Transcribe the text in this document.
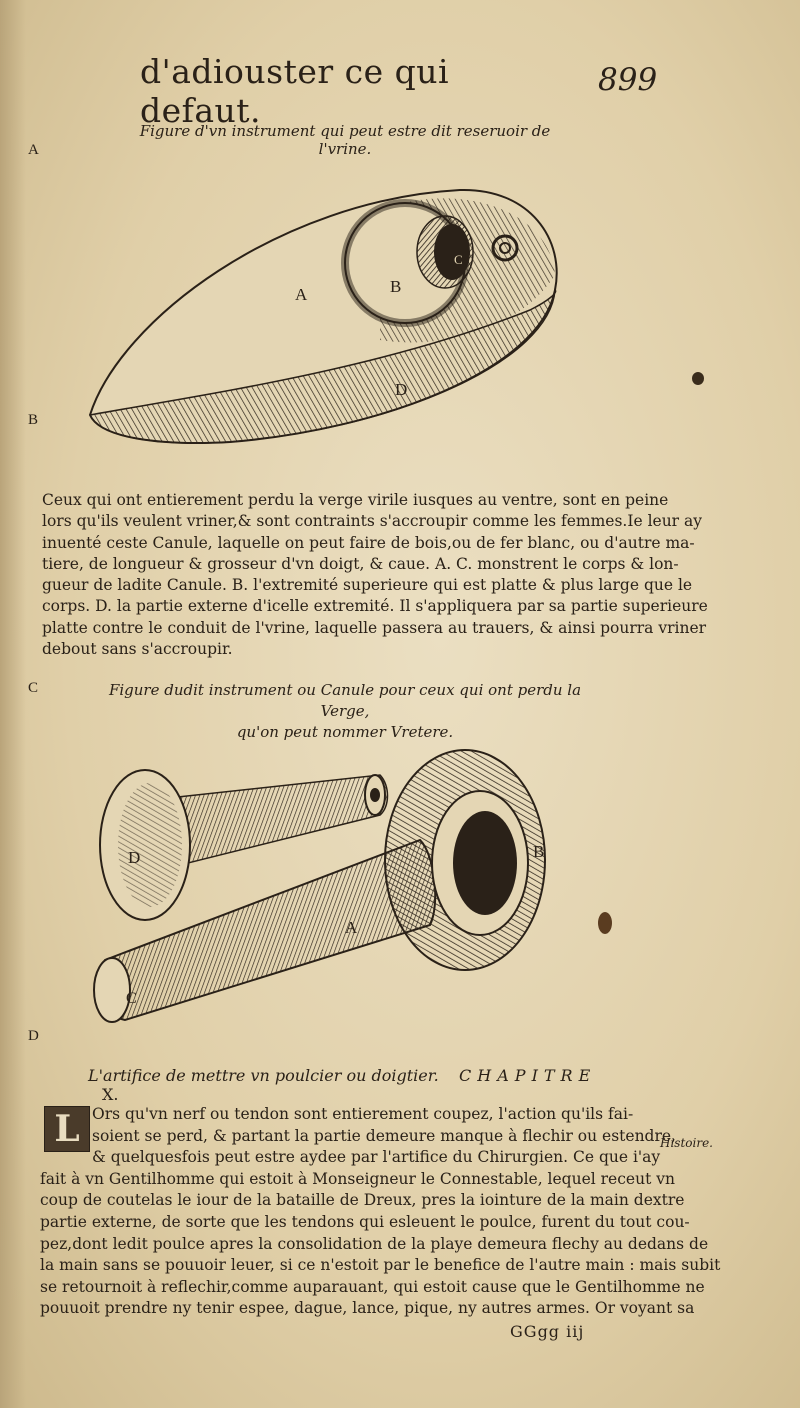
d'adiouster ce qui defaut.
899
A
B
C
D
Figure d'vn instrument qui peut estre dit reseruoir de l'vrine.
A	B
C
D
Ceux qui ont entierement perdu la verge virile iusques au ventre, sont en peine
lors qu'ils veulent vriner,& sont contraints s'accroupir comme les femmes.Ie leur ay
inuenté ceste Canule, laquelle on peut faire de bois,ou de fer blanc, ou d'autre ma-
tiere, de longueur & grosseur d'vn doigt, & caue. A. C. monstrent le corps & lon-
gueur de ladite Canule. B. l'extremité superieure qui est platte & plus large que le
corps. D. la partie externe d'icelle extremité. Il s'appliquera par sa partie superieure
platte contre le conduit de l'vrine, laquelle passera au trauers, & ainsi pourra vriner
debout sans s'accroupir.
Figure dudit instrument ou Canule pour ceux qui ont perdu la Verge,
qu'on peut nommer Vretere.
D
C
A
B
L'artifice de mettre vn poulcier ou doigtier. CHAPITRE X.
L	Histoire.
Ors qu'vn nerf ou tendon sont entierement coupez, l'action qu'ils fai-
soient se perd, & partant la partie demeure manque à flechir ou estendre,
& quelquesfois peut estre aydee par l'artifice du Chirurgien. Ce que i'ay
fait à vn Gentilhomme qui estoit à Monseigneur le Connestable, lequel receut vn
coup de coutelas le iour de la bataille de Dreux, pres la iointure de la main dextre
partie externe, de sorte que les tendons qui esleuent le poulce, furent du tout cou-
pez,dont ledit poulce apres la consolidation de la playe demeura flechy au dedans de
la main sans se pouuoir leuer, si ce n'estoit par le benefice de l'autre main : mais subit
se retournoit à reflechir,comme auparauant, qui estoit cause que le Gentilhomme ne
pouuoit prendre ny tenir espee, dague, lance, pique, ny autres armes. Or voyant sa
GGgg iij
